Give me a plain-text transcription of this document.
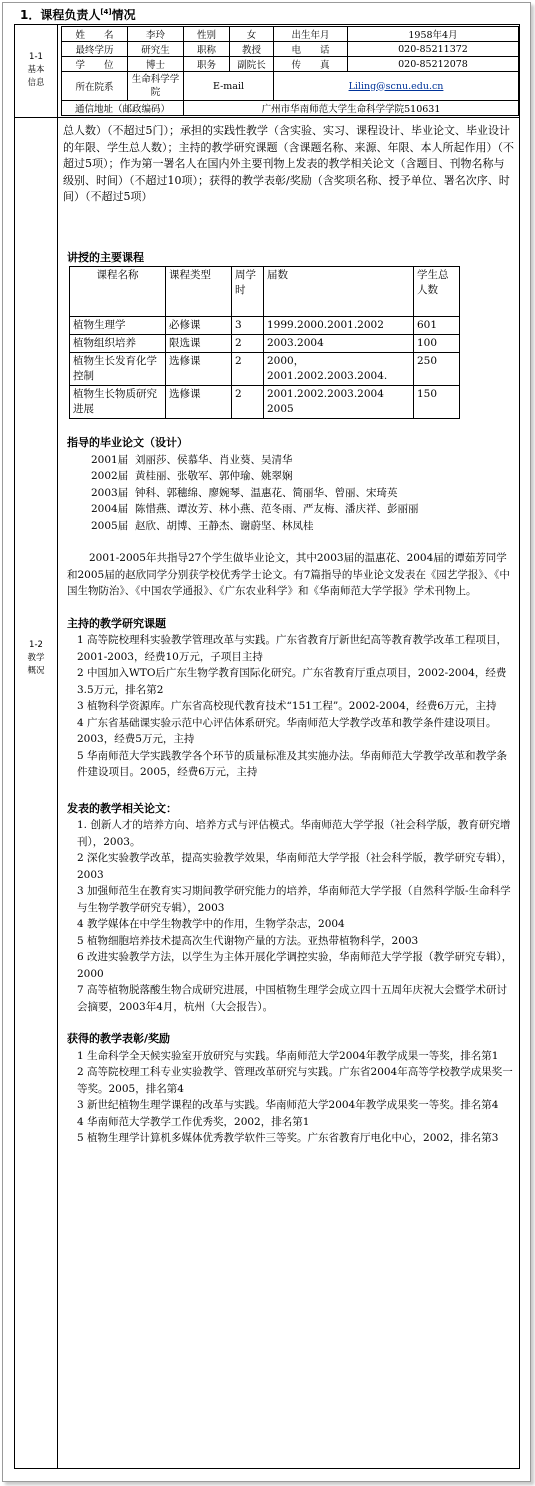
1．课程负责人[4]情况
1-1
基本
信息
1-2
教学
概况
姓　　名	李玲	性别	女	出生年月	1958年4月
最终学历	研究生	职称	教授	电　　话	020-85211372
学　　位	博士	职务	副院长	传　　真	020-85212078
所在院系	生命科学学院	E-mail		Liling@scnu.edu.cn	
通信地址（邮政编码）		广州市华南师范大学生命科学学院510631			

总人数）（不超过5门）；承担的实践性教学（含实验、实习、课程设计、毕业论文、毕业设计的年限、学生总人数）；主持的教学研究课题（含课题名称、来源、年限、本人所起作用）（不超过5项）；作为第一署名人在国内外主要刊物上发表的教学相关论文（含题目、刊物名称与级别、时间）（不超过10项）；获得的教学表彰/奖励（含奖项名称、授予单位、署名次序、时间）（不超过5项）

讲授的主要课程

课程名称	课程类型	周学时	届数	学生总人数
植物生理学	必修课	3	1999.2000.2001.2002	601
植物组织培养	限选课	2	2003.2004	100
植物生长发育化学控制	选修课	2	2000，2001.2002.2003.2004.	250
植物生长物质研究进展	选修课	2	2001.2002.2003.2004 2005	150

指导的毕业论文（设计）

2001届 刘丽莎、侯慕华、肖业葵、吴清华
2002届 黄桂丽、张敬军、郭仲瑜、姚翠娴
2003届 钟科、郭穗绵、廖婉琴、温惠花、简丽华、曾丽、宋琦英
2004届 陈惜燕、谭汝芳、林小燕、范冬雨、严友梅、潘庆祥、彭丽丽
2005届 赵欣、胡博、王静杰、谢蔚坚、林凤桂

2001-2005年共指导27个学生做毕业论文，其中2003届的温惠花、2004届的谭茹芳同学和2005届的赵欣同学分别获学校优秀学士论文。有7篇指导的毕业论文发表在《园艺学报》、《中国生物防治》、《中国农学通报》、《广东农业科学》和《华南师范大学学报》学术刊物上。

主持的教学研究课题

1 高等院校理科实验教学管理改革与实践。广东省教育厅新世纪高等教育教学改革工程项目，2001-2003，经费10万元，子项目主持

2 中国加入WTO后广东生物学教育国际化研究。广东省教育厅重点项目，2002-2004，经费3.5万元，排名第2

3 植物科学资源库。广东省高校现代教育技术“151工程”。2002-2004，经费6万元，主持

4 广东省基础课实验示范中心评估体系研究。华南师范大学教学改革和教学条件建设项目。2003，经费5万元，主持

5 华南师范大学实践教学各个环节的质量标准及其实施办法。华南师范大学教学改革和教学条件建设项目。2005，经费6万元，主持

发表的教学相关论文：

1. 创新人才的培养方向、培养方式与评估模式。华南师范大学学报（社会科学版，教育研究增刊），2003。

2 深化实验教学改革，提高实验教学效果，华南师范大学学报（社会科学版，教学研究专辑），2003

3 加强师范生在教育实习期间教学研究能力的培养，华南师范大学学报（自然科学版-生命科学与生物学教学研究专辑），2003

4 教学媒体在中学生物教学中的作用，生物学杂志，2004

5 植物细胞培养技术提高次生代谢物产量的方法。亚热带植物科学，2003

6 改进实验教学方法，以学生为主体开展化学调控实验，华南师范大学学报（教学研究专辑），2000

7 高等植物脱落酸生物合成研究进展，中国植物生理学会成立四十五周年庆祝大会暨学术研讨会摘要，2003年4月，杭州（大会报告）。

获得的教学表彰/奖励

1 生命科学全天候实验室开放研究与实践。华南师范大学2004年教学成果一等奖，排名第1

2 高等院校理工科专业实验教学、管理改革研究与实践。广东省2004年高等学校教学成果奖一等奖。2005，排名第4

3 新世纪植物生理学课程的改革与实践。华南师范大学2004年教学成果奖一等奖。排名第4

4 华南师范大学教学工作优秀奖，2002，排名第1

5 植物生理学计算机多媒体优秀教学软件三等奖。广东省教育厅电化中心，2002，排名第3
